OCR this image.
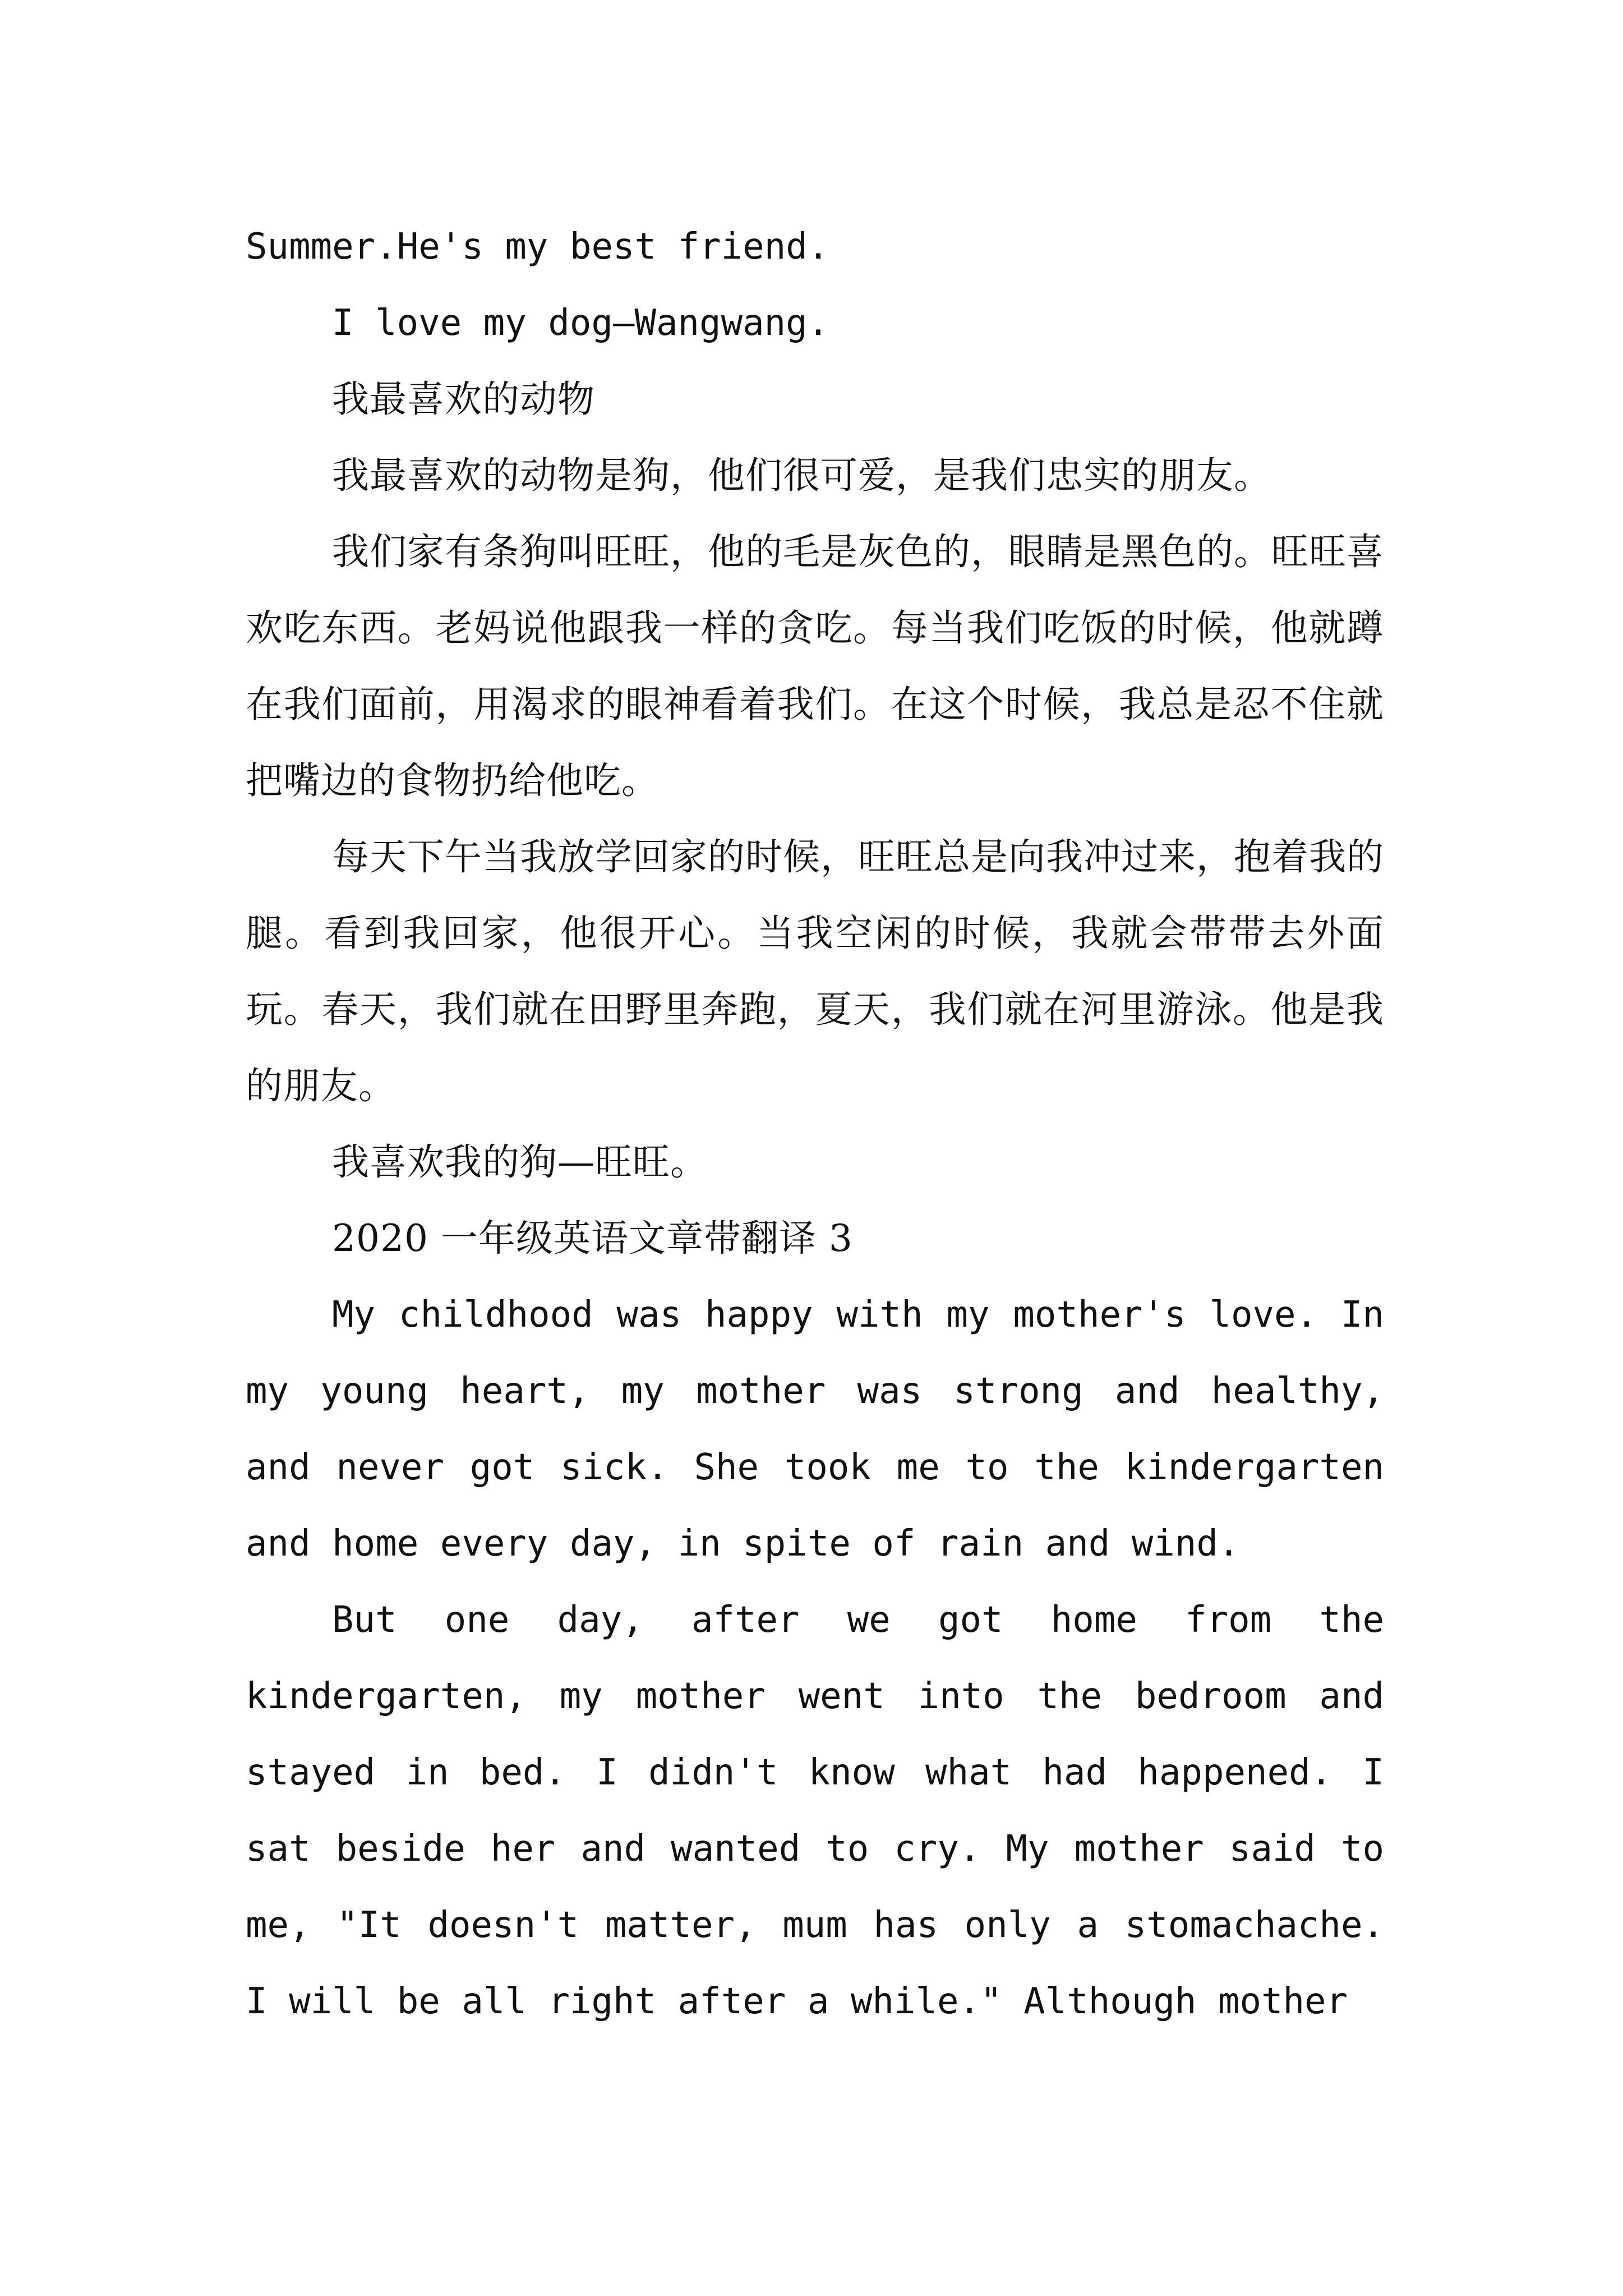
Summer.He's my best friend.

I love my dog—Wangwang.

我最喜欢的动物

我最喜欢的动物是狗，他们很可爱，是我们忠实的朋友。

我们家有条狗叫旺旺，他的毛是灰色的，眼睛是黑色的。旺旺喜欢吃东西。老妈说他跟我一样的贪吃。每当我们吃饭的时候，他就蹲在我们面前，用渴求的眼神看着我们。在这个时候，我总是忍不住就把嘴边的食物扔给他吃。

每天下午当我放学回家的时候，旺旺总是向我冲过来，抱着我的腿。看到我回家，他很开心。当我空闲的时候，我就会带带去外面玩。春天，我们就在田野里奔跑，夏天，我们就在河里游泳。他是我的朋友。

我喜欢我的狗—旺旺。

2020 一年级英语文章带翻译 3

My childhood was happy with my mother's love. In my young heart, my mother was strong and healthy, and never got sick. She took me to the kindergarten and home every day, in spite of rain and wind.

But one day, after we got home from the kindergarten, my mother went into the bedroom and stayed in bed. I didn't know what had happened. I sat beside her and wanted to cry. My mother said to me, "It doesn't matter, mum has only a stomachache. I will be all right after a while." Although mother
